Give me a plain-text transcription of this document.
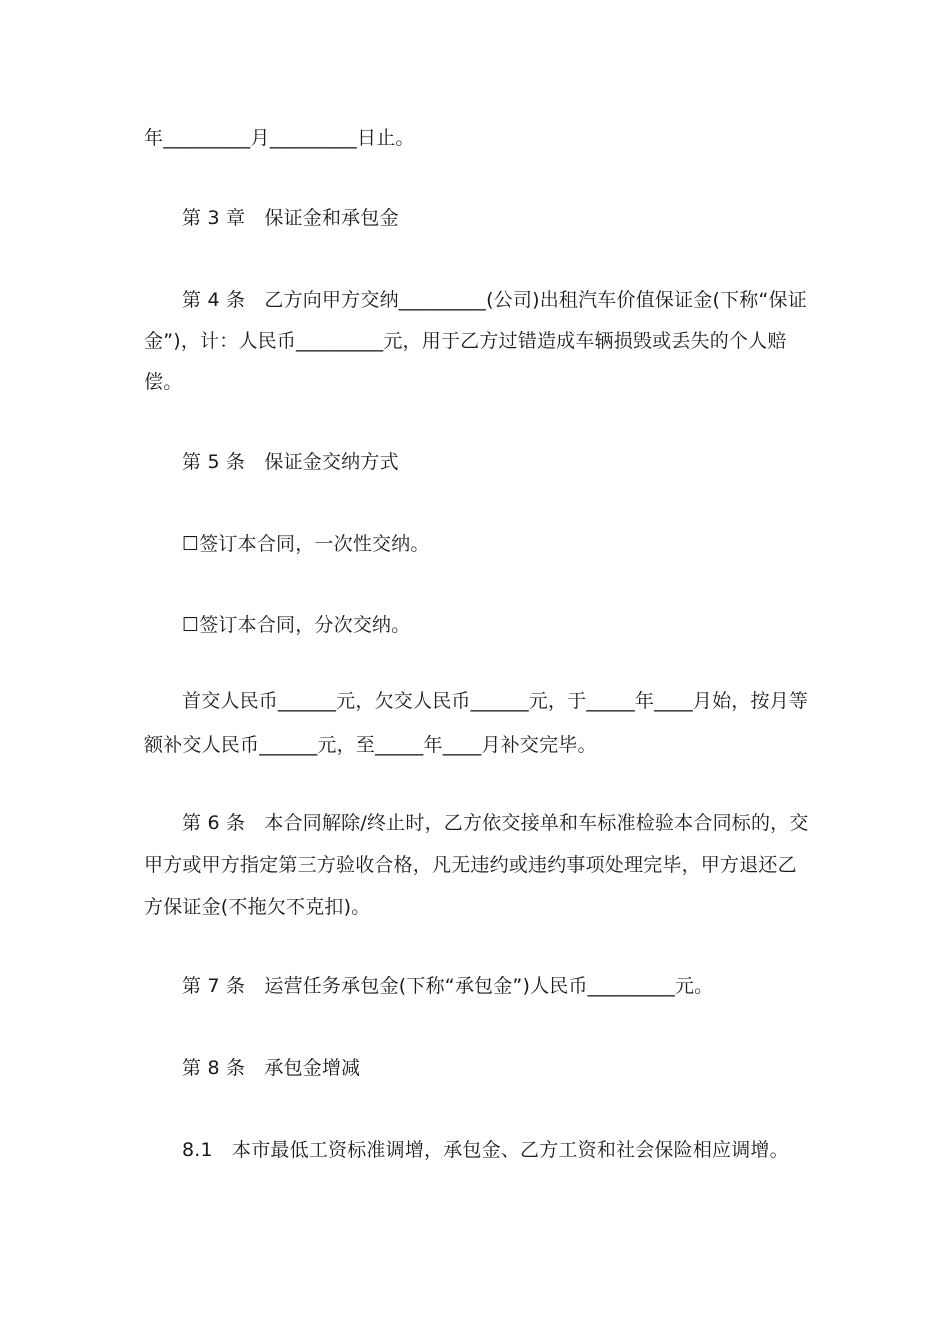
年_________月_________日止。
第 3 章　保证金和承包金
第 4 条　乙方向甲方交纳_________(公司)出租汽车价值保证金(下称“保证
金”)，计：人民币_________元，用于乙方过错造成车辆损毁或丢失的个人赔
偿。
第 5 条　保证金交纳方式
☐签订本合同，一次性交纳。
☐签订本合同，分次交纳。
首交人民币______元，欠交人民币______元，于_____年____月始，按月等
额补交人民币______元，至_____年____月补交完毕。
第 6 条　本合同解除/终止时，乙方依交接单和车标准检验本合同标的，交
甲方或甲方指定第三方验收合格，凡无违约或违约事项处理完毕，甲方退还乙
方保证金(不拖欠不克扣)。
第 7 条　运营任务承包金(下称“承包金”)人民币_________元。
第 8 条　承包金增减
8.1　本市最低工资标准调增，承包金、乙方工资和社会保险相应调增。
